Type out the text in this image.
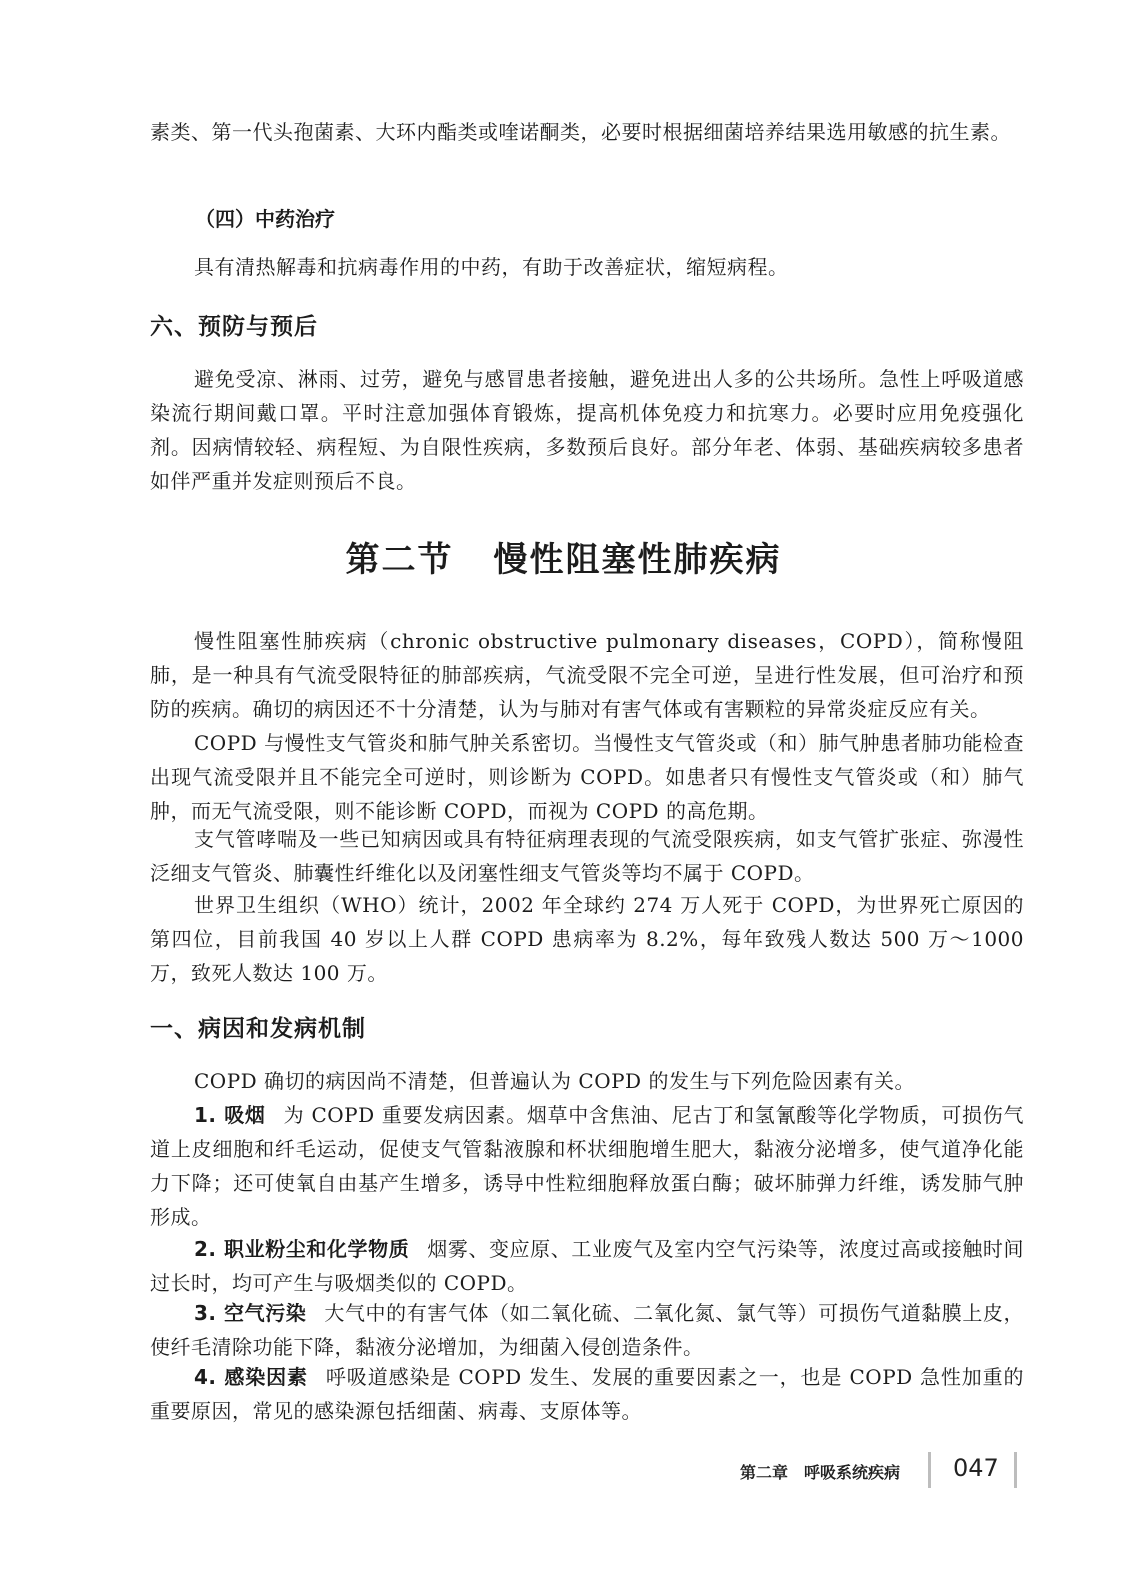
素类、第一代头孢菌素、大环内酯类或喹诺酮类，必要时根据细菌培养结果选用敏感的抗生素。

（四）中药治疗

具有清热解毒和抗病毒作用的中药，有助于改善症状，缩短病程。

六、预防与预后

避免受凉、淋雨、过劳，避免与感冒患者接触，避免进出人多的公共场所。急性上呼吸道感染流行期间戴口罩。平时注意加强体育锻炼，提高机体免疫力和抗寒力。必要时应用免疫强化剂。因病情较轻、病程短、为自限性疾病，多数预后良好。部分年老、体弱、基础疾病较多患者如伴严重并发症则预后不良。

第二节 慢性阻塞性肺疾病

慢性阻塞性肺疾病（chronic obstructive pulmonary diseases，COPD），简称慢阻肺，是一种具有气流受限特征的肺部疾病，气流受限不完全可逆，呈进行性发展，但可治疗和预防的疾病。确切的病因还不十分清楚，认为与肺对有害气体或有害颗粒的异常炎症反应有关。

COPD 与慢性支气管炎和肺气肿关系密切。当慢性支气管炎或（和）肺气肿患者肺功能检查出现气流受限并且不能完全可逆时，则诊断为 COPD。如患者只有慢性支气管炎或（和）肺气肿，而无气流受限，则不能诊断 COPD，而视为 COPD 的高危期。

支气管哮喘及一些已知病因或具有特征病理表现的气流受限疾病，如支气管扩张症、弥漫性泛细支气管炎、肺囊性纤维化以及闭塞性细支气管炎等均不属于 COPD。

世界卫生组织（WHO）统计，2002 年全球约 274 万人死于 COPD，为世界死亡原因的第四位，目前我国 40 岁以上人群 COPD 患病率为 8.2%，每年致残人数达 500 万～1000 万，致死人数达 100 万。

一、病因和发病机制

COPD 确切的病因尚不清楚，但普遍认为 COPD 的发生与下列危险因素有关。

1. 吸烟 为 COPD 重要发病因素。烟草中含焦油、尼古丁和氢氰酸等化学物质，可损伤气道上皮细胞和纤毛运动，促使支气管黏液腺和杯状细胞增生肥大，黏液分泌增多，使气道净化能力下降；还可使氧自由基产生增多，诱导中性粒细胞释放蛋白酶；破坏肺弹力纤维，诱发肺气肿形成。

2. 职业粉尘和化学物质 烟雾、变应原、工业废气及室内空气污染等，浓度过高或接触时间过长时，均可产生与吸烟类似的 COPD。

3. 空气污染 大气中的有害气体（如二氧化硫、二氧化氮、氯气等）可损伤气道黏膜上皮，使纤毛清除功能下降，黏液分泌增加，为细菌入侵创造条件。

4. 感染因素 呼吸道感染是 COPD 发生、发展的重要因素之一，也是 COPD 急性加重的重要原因，常见的感染源包括细菌、病毒、支原体等。

第二章　呼吸系统疾病 047
